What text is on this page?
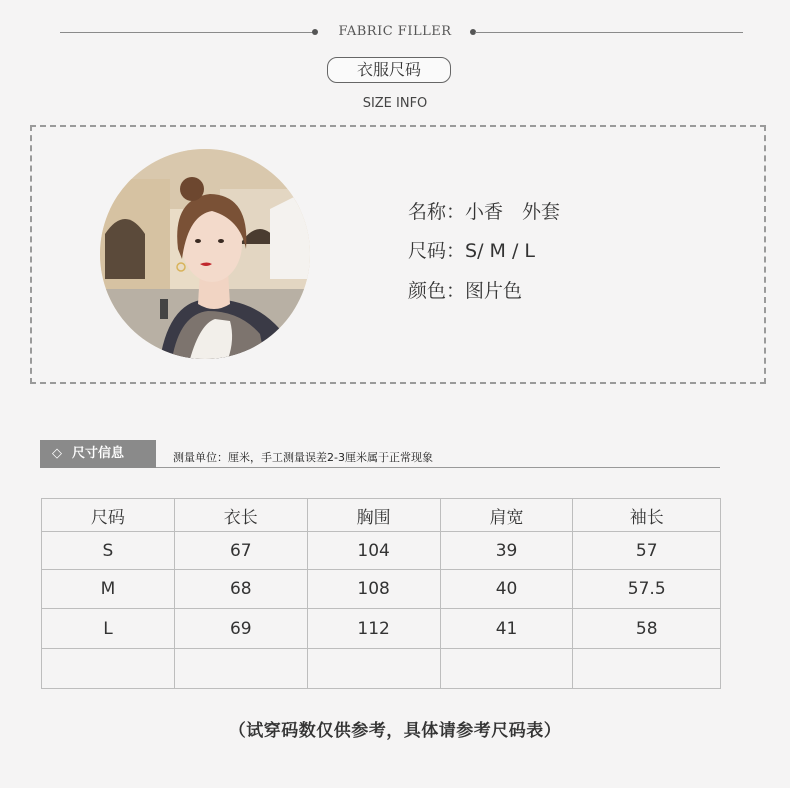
FABRIC FILLER
衣服尺码
SIZE INFO
名称：小香　外套
尺码：S/ M / L
颜色：图片色
◇ 尺寸信息	测量单位：厘米，手工测量误差2-3厘米属于正常现象
尺码	衣长	胸围	肩宽	袖长
S	67	104	39	57
M	68	108	40	57.5
L	69	112	41	58

（试穿码数仅供参考，具体请参考尺码表）
